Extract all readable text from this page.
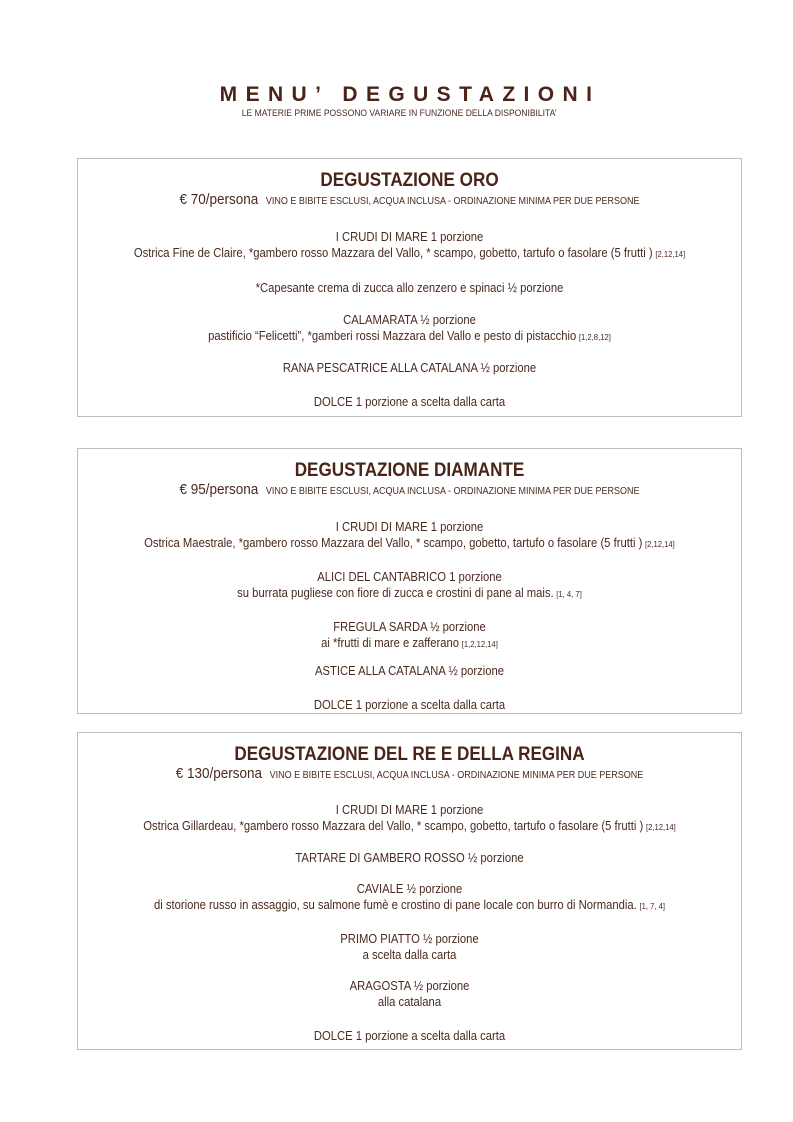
MENU’ DEGUSTAZIONI
LE MATERIE PRIME POSSONO VARIARE IN FUNZIONE DELLA DISPONIBILITA’
DEGUSTAZIONE ORO
€ 70/persona VINO E BIBITE ESCLUSI, ACQUA INCLUSA - ORDINAZIONE MINIMA PER DUE PERSONE
I CRUDI DI MARE 1 porzione
Ostrica Fine de Claire, *gambero rosso Mazzara del Vallo, * scampo, gobetto, tartufo o fasolare (5 frutti ) [2,12,14]
*Capesante crema di zucca allo zenzero e spinaci ½ porzione
CALAMARATA ½ porzione
pastificio “Felicetti”, *gamberi rossi Mazzara del Vallo e pesto di pistacchio [1,2,8,12]
RANA PESCATRICE ALLA CATALANA ½ porzione
DOLCE 1 porzione a scelta dalla carta
DEGUSTAZIONE DIAMANTE
€ 95/persona VINO E BIBITE ESCLUSI, ACQUA INCLUSA - ORDINAZIONE MINIMA PER DUE PERSONE
I CRUDI DI MARE 1 porzione
Ostrica Maestrale, *gambero rosso Mazzara del Vallo, * scampo, gobetto, tartufo o fasolare (5 frutti ) [2,12,14]
ALICI DEL CANTABRICO 1 porzione
su burrata pugliese con fiore di zucca e crostini di pane al mais. [1, 4, 7]
FREGULA SARDA ½ porzione
ai *frutti di mare e zafferano [1,2,12,14]
ASTICE ALLA CATALANA ½ porzione
DOLCE 1 porzione a scelta dalla carta
DEGUSTAZIONE DEL RE E DELLA REGINA
€ 130/persona VINO E BIBITE ESCLUSI, ACQUA INCLUSA - ORDINAZIONE MINIMA PER DUE PERSONE
I CRUDI DI MARE 1 porzione
Ostrica Gillardeau, *gambero rosso Mazzara del Vallo, * scampo, gobetto, tartufo o fasolare (5 frutti ) [2,12,14]
TARTARE DI GAMBERO ROSSO ½ porzione
CAVIALE ½ porzione
di storione russo in assaggio, su salmone fumè e crostino di pane locale con burro di Normandia. [1, 7, 4]
PRIMO PIATTO ½ porzione
a scelta dalla carta
ARAGOSTA ½ porzione
alla catalana
DOLCE 1 porzione a scelta dalla carta
